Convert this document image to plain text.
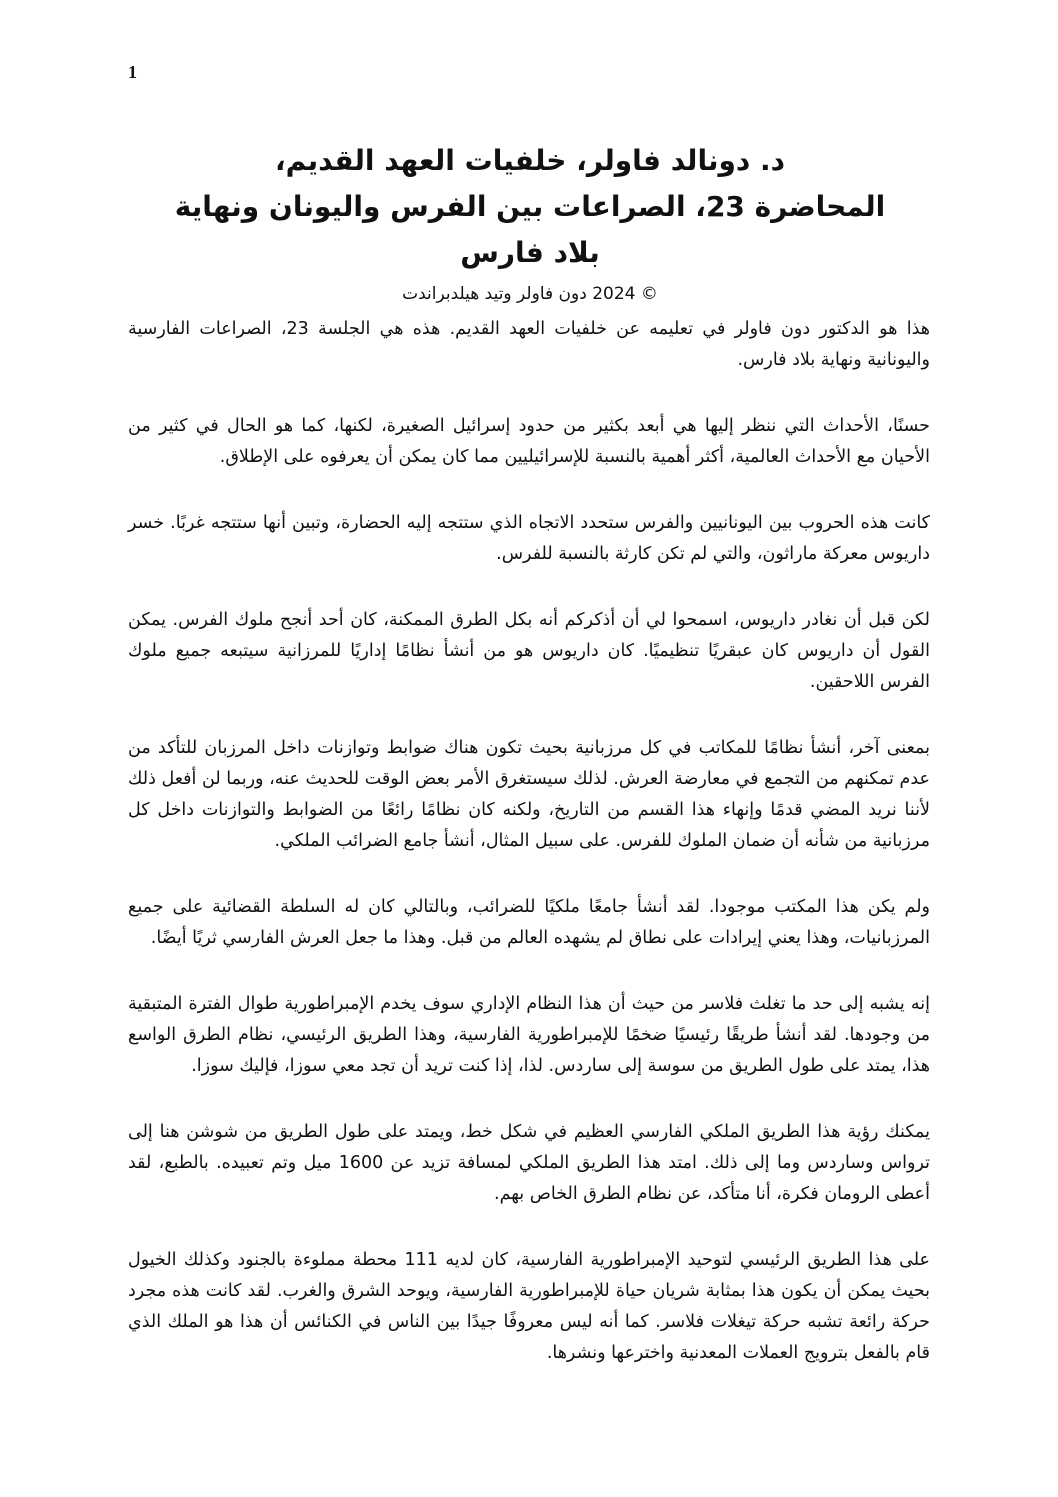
1
د. دونالد فاولر، خلفيات العهد القديم،
المحاضرة 23، الصراعات بين الفرس واليونان ونهاية
بلاد فارس
© 2024 دون فاولر وتيد هيلدبراندت

هذا هو الدكتور دون فاولر في تعليمه عن خلفيات العهد القديم. هذه هي الجلسة 23، الصراعات الفارسية واليونانية ونهاية بلاد فارس.

حسنًا، الأحداث التي ننظر إليها هي أبعد بكثير من حدود إسرائيل الصغيرة، لكنها، كما هو الحال في كثير من الأحيان مع الأحداث العالمية، أكثر أهمية بالنسبة للإسرائيليين مما كان يمكن أن يعرفوه على الإطلاق.

كانت هذه الحروب بين اليونانيين والفرس ستحدد الاتجاه الذي ستتجه إليه الحضارة، وتبين أنها ستتجه غربًا. خسر داريوس معركة ماراثون، والتي لم تكن كارثة بالنسبة للفرس.

لكن قبل أن نغادر داريوس، اسمحوا لي أن أذكركم أنه بكل الطرق الممكنة، كان أحد أنجح ملوك الفرس. يمكن القول أن داريوس كان عبقريًا تنظيميًا. كان داريوس هو من أنشأ نظامًا إداريًا للمرزانية سيتبعه جميع ملوك الفرس اللاحقين.

بمعنى آخر، أنشأ نظامًا للمكاتب في كل مرزبانية بحيث تكون هناك ضوابط وتوازنات داخل المرزبان للتأكد من عدم تمكنهم من التجمع في معارضة العرش. لذلك سيستغرق الأمر بعض الوقت للحديث عنه، وربما لن أفعل ذلك لأننا نريد المضي قدمًا وإنهاء هذا القسم من التاريخ، ولكنه كان نظامًا رائعًا من الضوابط والتوازنات داخل كل مرزبانية من شأنه أن ضمان الملوك للفرس. على سبيل المثال، أنشأ جامع الضرائب الملكي.

ولم يكن هذا المكتب موجودا. لقد أنشأ جامعًا ملكيًا للضرائب، وبالتالي كان له السلطة القضائية على جميع المرزبانيات، وهذا يعني إيرادات على نطاق لم يشهده العالم من قبل. وهذا ما جعل العرش الفارسي ثريًا أيضًا.

إنه يشبه إلى حد ما تغلث فلاسر من حيث أن هذا النظام الإداري سوف يخدم الإمبراطورية طوال الفترة المتبقية من وجودها. لقد أنشأ طريقًا رئيسيًا ضخمًا للإمبراطورية الفارسية، وهذا الطريق الرئيسي، نظام الطرق الواسع هذا، يمتد على طول الطريق من سوسة إلى ساردس. لذا، إذا كنت تريد أن تجد معي سوزا، فإليك سوزا.

يمكنك رؤية هذا الطريق الملكي الفارسي العظيم في شكل خط، ويمتد على طول الطريق من شوشن هنا إلى ترواس وساردس وما إلى ذلك. امتد هذا الطريق الملكي لمسافة تزيد عن 1600 ميل وتم تعبيده. بالطبع، لقد أعطى الرومان فكرة، أنا متأكد، عن نظام الطرق الخاص بهم.

على هذا الطريق الرئيسي لتوحيد الإمبراطورية الفارسية، كان لديه 111 محطة مملوءة بالجنود وكذلك الخيول بحيث يمكن أن يكون هذا بمثابة شريان حياة للإمبراطورية الفارسية، ويوحد الشرق والغرب. لقد كانت هذه مجرد حركة رائعة تشبه حركة تيغلات فلاسر. كما أنه ليس معروفًا جيدًا بين الناس في الكنائس أن هذا هو الملك الذي قام بالفعل بترويج العملات المعدنية واخترعها ونشرها.
